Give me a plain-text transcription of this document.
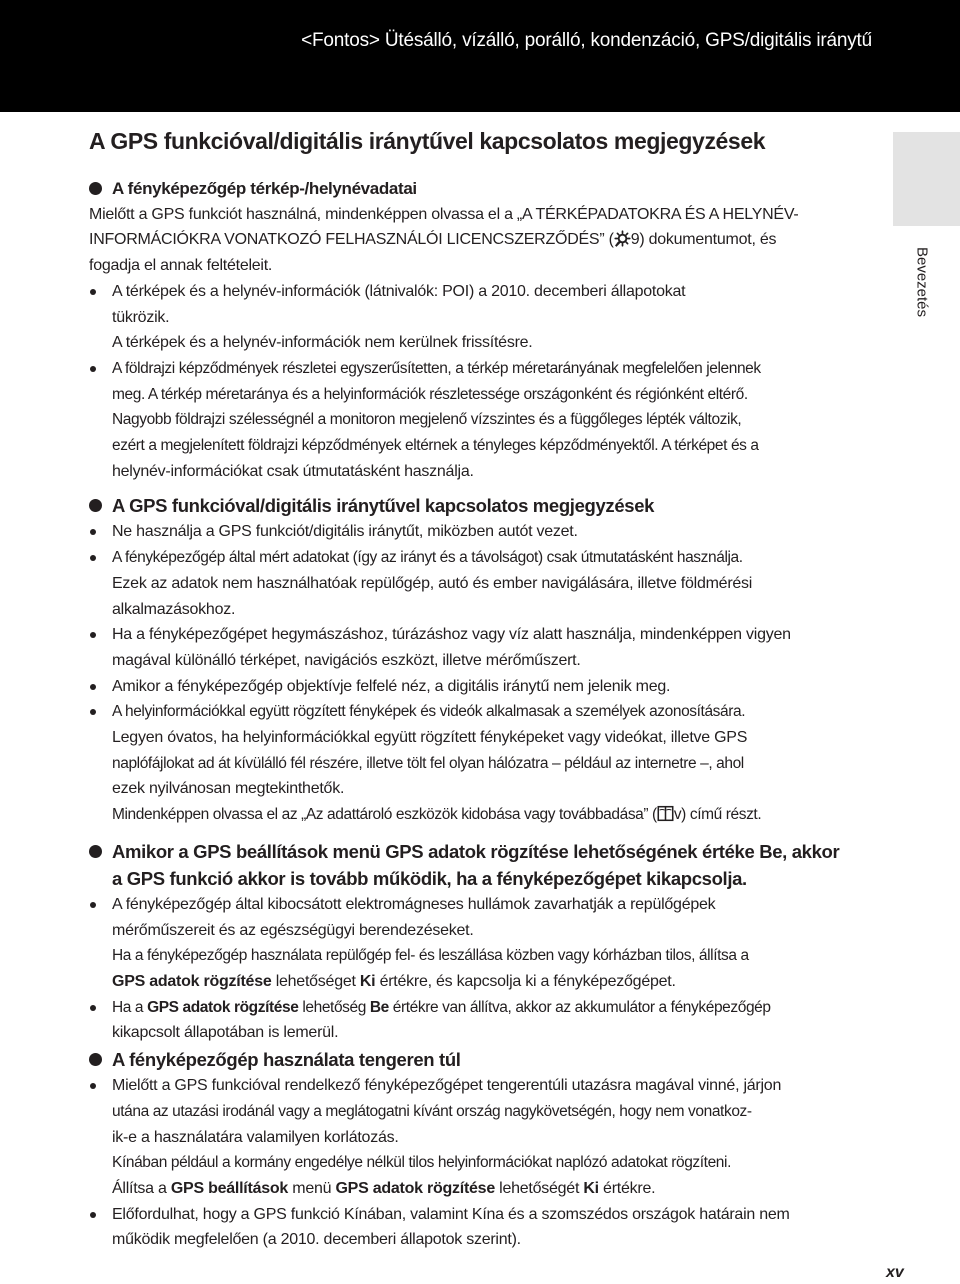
<Fontos> Ütésálló, vízálló, porálló, kondenzáció, GPS/digitális iránytű
Bevezetés
A GPS funkcióval/digitális iránytűvel kapcsolatos megjegyzések
A fényképezőgép térkép-/helynévadatai
Mielőtt a GPS funkciót használná, mindenképpen olvassa el a „A TÉRKÉPADATOKRA ÉS A HELYNÉV-
INFORMÁCIÓKRA VONATKOZÓ FELHASZNÁLÓI LICENCSZERZŐDÉS” ( 9) dokumentumot, és
fogadja el annak feltételeit.
A térképek és a helynév-információk (látnivalók: POI) a 2010. decemberi állapotokat
tükrözik.
A térképek és a helynév-információk nem kerülnek frissítésre.
A földrajzi képződmények részletei egyszerűsítetten, a térkép méretarányának megfelelően jelennek
meg. A térkép méretaránya és a helyinformációk részletessége országonként és régiónként eltérő.
Nagyobb földrajzi szélességnél a monitoron megjelenő vízszintes és a függőleges lépték változik,
ezért a megjelenített földrajzi képződmények eltérnek a tényleges képződményektől. A térképet és a
helynév-információkat csak útmutatásként használja.
A GPS funkcióval/digitális iránytűvel kapcsolatos megjegyzések
Ne használja a GPS funkciót/digitális iránytűt, miközben autót vezet.
A fényképezőgép által mért adatokat (így az irányt és a távolságot) csak útmutatásként használja.
Ezek az adatok nem használhatóak repülőgép, autó és ember navigálására, illetve földmérési
alkalmazásokhoz.
Ha a fényképezőgépet hegymászáshoz, túrázáshoz vagy víz alatt használja, mindenképpen vigyen
magával különálló térképet, navigációs eszközt, illetve mérőműszert.
Amikor a fényképezőgép objektívje felfelé néz, a digitális iránytű nem jelenik meg.
A helyinformációkkal együtt rögzített fényképek és videók alkalmasak a személyek azonosítására.
Legyen óvatos, ha helyinformációkkal együtt rögzített fényképeket vagy videókat, illetve GPS
naplófájlokat ad át kívülálló fél részére, illetve tölt fel olyan hálózatra – például az internetre –, ahol
ezek nyilvánosan megtekinthetők.
Mindenképpen olvassa el az „Az adattároló eszközök kidobása vagy továbbadása” ( v) című részt.
Amikor a GPS beállítások menü GPS adatok rögzítése lehetőségének értéke Be, akkor
a GPS funkció akkor is tovább működik, ha a fényképezőgépet kikapcsolja.
A fényképezőgép által kibocsátott elektromágneses hullámok zavarhatják a repülőgépek
mérőműszereit és az egészségügyi berendezéseket.
Ha a fényképezőgép használata repülőgép fel- és leszállása közben vagy kórházban tilos, állítsa a
GPS adatok rögzítése lehetőséget Ki értékre, és kapcsolja ki a fényképezőgépet.
Ha a GPS adatok rögzítése lehetőség Be értékre van állítva, akkor az akkumulátor a fényképezőgép
kikapcsolt állapotában is lemerül.
A fényképezőgép használata tengeren túl
Mielőtt a GPS funkcióval rendelkező fényképezőgépet tengerentúli utazásra magával vinné, járjon
utána az utazási irodánál vagy a meglátogatni kívánt ország nagykövetségén, hogy nem vonatkoz-
ik-e a használatára valamilyen korlátozás.
Kínában például a kormány engedélye nélkül tilos helyinformációkat naplózó adatokat rögzíteni.
Állítsa a GPS beállítások menü GPS adatok rögzítése lehetőségét Ki értékre.
Előfordulhat, hogy a GPS funkció Kínában, valamint Kína és a szomszédos országok határain nem
működik megfelelően (a 2010. decemberi állapotok szerint).
xv
